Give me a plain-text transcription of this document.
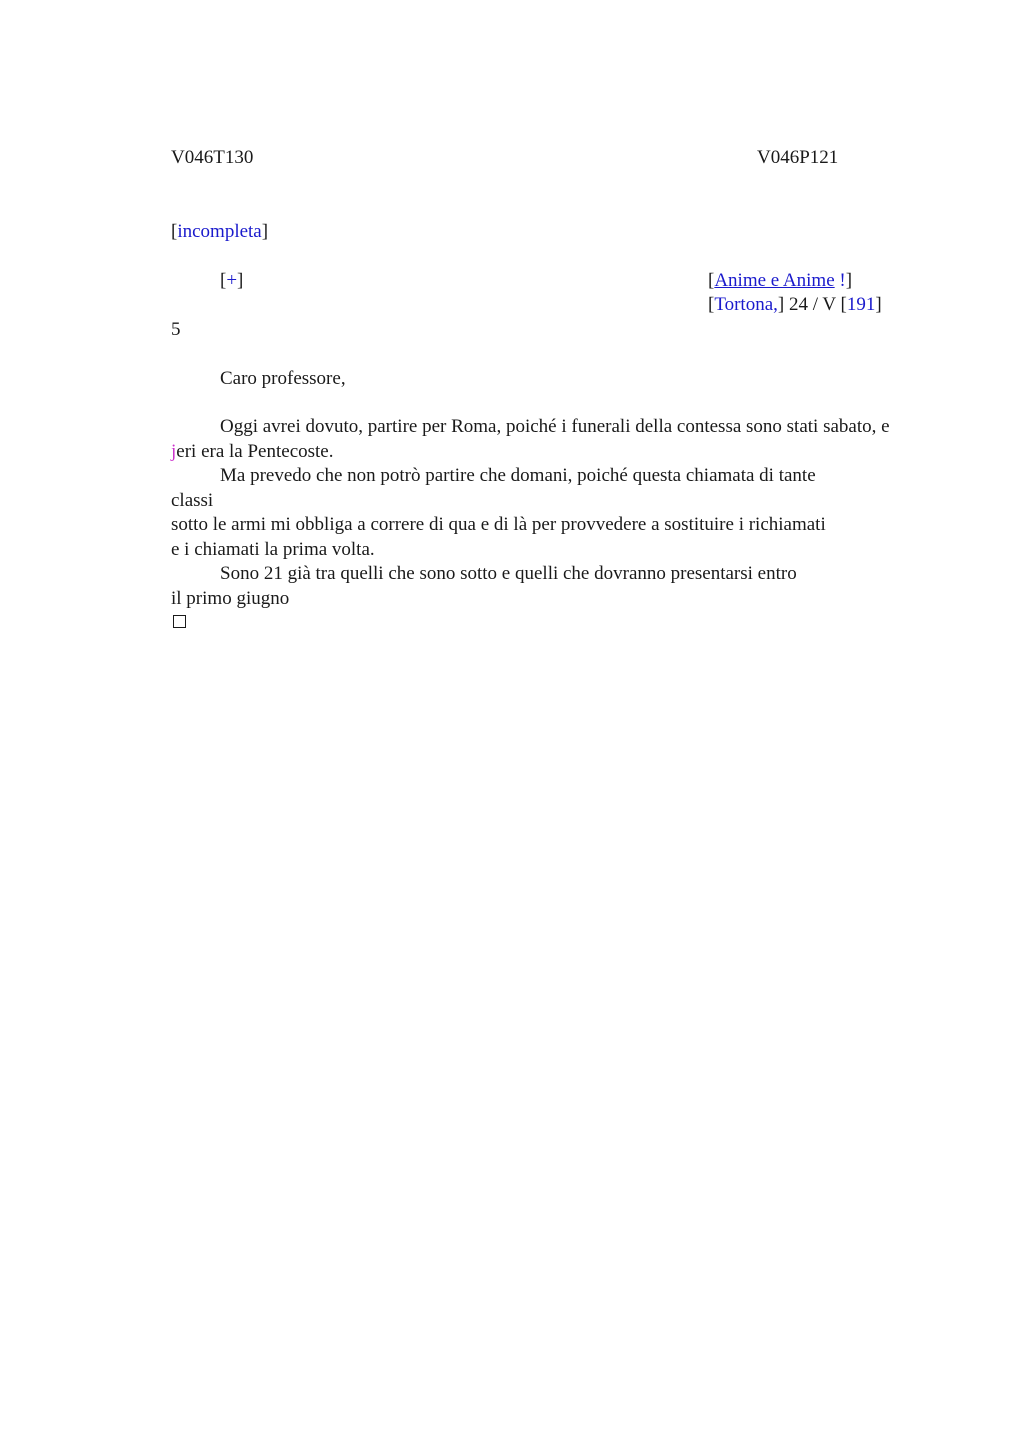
V046T130	V046P121
[incompleta]
[+]	[Anime e Anime !]
[Tortona,] 24 / V [191]
5
Caro professore,
Oggi avrei dovuto, partire per Roma, poiché i funerali della contessa sono stati sabato, e jeri era la Pentecoste.
Ma prevedo che non potrò partire che domani, poiché questa chiamata di tante
classi
sotto le armi mi obbliga a correre di qua e di là per provvedere a sostituire i richiamati
e i chiamati la prima volta.
Sono 21 già tra quelli che sono sotto e quelli che dovranno presentarsi entro
il primo giugno
